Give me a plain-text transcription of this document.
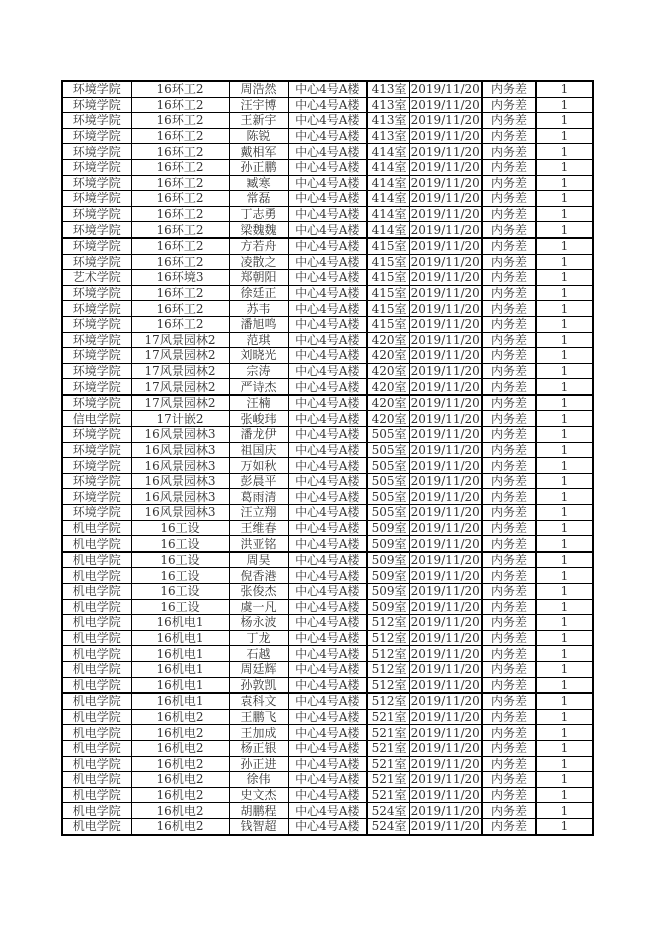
环境学院	16环工2	周浩然	中心4号A楼	413室	2019/11/20	内务差	1
环境学院	16环工2	汪宇博	中心4号A楼	413室	2019/11/20	内务差	1
环境学院	16环工2	王新宇	中心4号A楼	413室	2019/11/20	内务差	1
环境学院	16环工2	陈锐	中心4号A楼	413室	2019/11/20	内务差	1
环境学院	16环工2	戴相军	中心4号A楼	414室	2019/11/20	内务差	1
环境学院	16环工2	孙正鹏	中心4号A楼	414室	2019/11/20	内务差	1
环境学院	16环工2	臧寒	中心4号A楼	414室	2019/11/20	内务差	1
环境学院	16环工2	常磊	中心4号A楼	414室	2019/11/20	内务差	1
环境学院	16环工2	丁志勇	中心4号A楼	414室	2019/11/20	内务差	1
环境学院	16环工2	梁魏魏	中心4号A楼	414室	2019/11/20	内务差	1
环境学院	16环工2	方若舟	中心4号A楼	415室	2019/11/20	内务差	1
环境学院	16环工2	凌散之	中心4号A楼	415室	2019/11/20	内务差	1
艺术学院	16环境3	郑朝阳	中心4号A楼	415室	2019/11/20	内务差	1
环境学院	16环工2	徐廷正	中心4号A楼	415室	2019/11/20	内务差	1
环境学院	16环工2	苏韦	中心4号A楼	415室	2019/11/20	内务差	1
环境学院	16环工2	潘旭鸣	中心4号A楼	415室	2019/11/20	内务差	1
环境学院	17风景园林2	范琪	中心4号A楼	420室	2019/11/20	内务差	1
环境学院	17风景园林2	刘晓光	中心4号A楼	420室	2019/11/20	内务差	1
环境学院	17风景园林2	宗涛	中心4号A楼	420室	2019/11/20	内务差	1
环境学院	17风景园林2	严诗杰	中心4号A楼	420室	2019/11/20	内务差	1
环境学院	17风景园林2	汪楠	中心4号A楼	420室	2019/11/20	内务差	1
信电学院	17计嵌2	张峻玮	中心4号A楼	420室	2019/11/20	内务差	1
环境学院	16风景园林3	潘龙伊	中心4号A楼	505室	2019/11/20	内务差	1
环境学院	16风景园林3	祖国庆	中心4号A楼	505室	2019/11/20	内务差	1
环境学院	16风景园林3	万如秋	中心4号A楼	505室	2019/11/20	内务差	1
环境学院	16风景园林3	彭晨平	中心4号A楼	505室	2019/11/20	内务差	1
环境学院	16风景园林3	葛雨清	中心4号A楼	505室	2019/11/20	内务差	1
环境学院	16风景园林3	汪立翔	中心4号A楼	505室	2019/11/20	内务差	1
机电学院	16工设	王维春	中心4号A楼	509室	2019/11/20	内务差	1
机电学院	16工设	洪亚铭	中心4号A楼	509室	2019/11/20	内务差	1
机电学院	16工设	周昊	中心4号A楼	509室	2019/11/20	内务差	1
机电学院	16工设	倪香港	中心4号A楼	509室	2019/11/20	内务差	1
机电学院	16工设	张俊杰	中心4号A楼	509室	2019/11/20	内务差	1
机电学院	16工设	虞一凡	中心4号A楼	509室	2019/11/20	内务差	1
机电学院	16机电1	杨永波	中心4号A楼	512室	2019/11/20	内务差	1
机电学院	16机电1	丁龙	中心4号A楼	512室	2019/11/20	内务差	1
机电学院	16机电1	石越	中心4号A楼	512室	2019/11/20	内务差	1
机电学院	16机电1	周廷辉	中心4号A楼	512室	2019/11/20	内务差	1
机电学院	16机电1	孙敦凯	中心4号A楼	512室	2019/11/20	内务差	1
机电学院	16机电1	袁科文	中心4号A楼	512室	2019/11/20	内务差	1
机电学院	16机电2	王鹏飞	中心4号A楼	521室	2019/11/20	内务差	1
机电学院	16机电2	王加成	中心4号A楼	521室	2019/11/20	内务差	1
机电学院	16机电2	杨正银	中心4号A楼	521室	2019/11/20	内务差	1
机电学院	16机电2	孙正进	中心4号A楼	521室	2019/11/20	内务差	1
机电学院	16机电2	徐伟	中心4号A楼	521室	2019/11/20	内务差	1
机电学院	16机电2	史文杰	中心4号A楼	521室	2019/11/20	内务差	1
机电学院	16机电2	胡鹏程	中心4号A楼	524室	2019/11/20	内务差	1
机电学院	16机电2	钱智超	中心4号A楼	524室	2019/11/20	内务差	1
